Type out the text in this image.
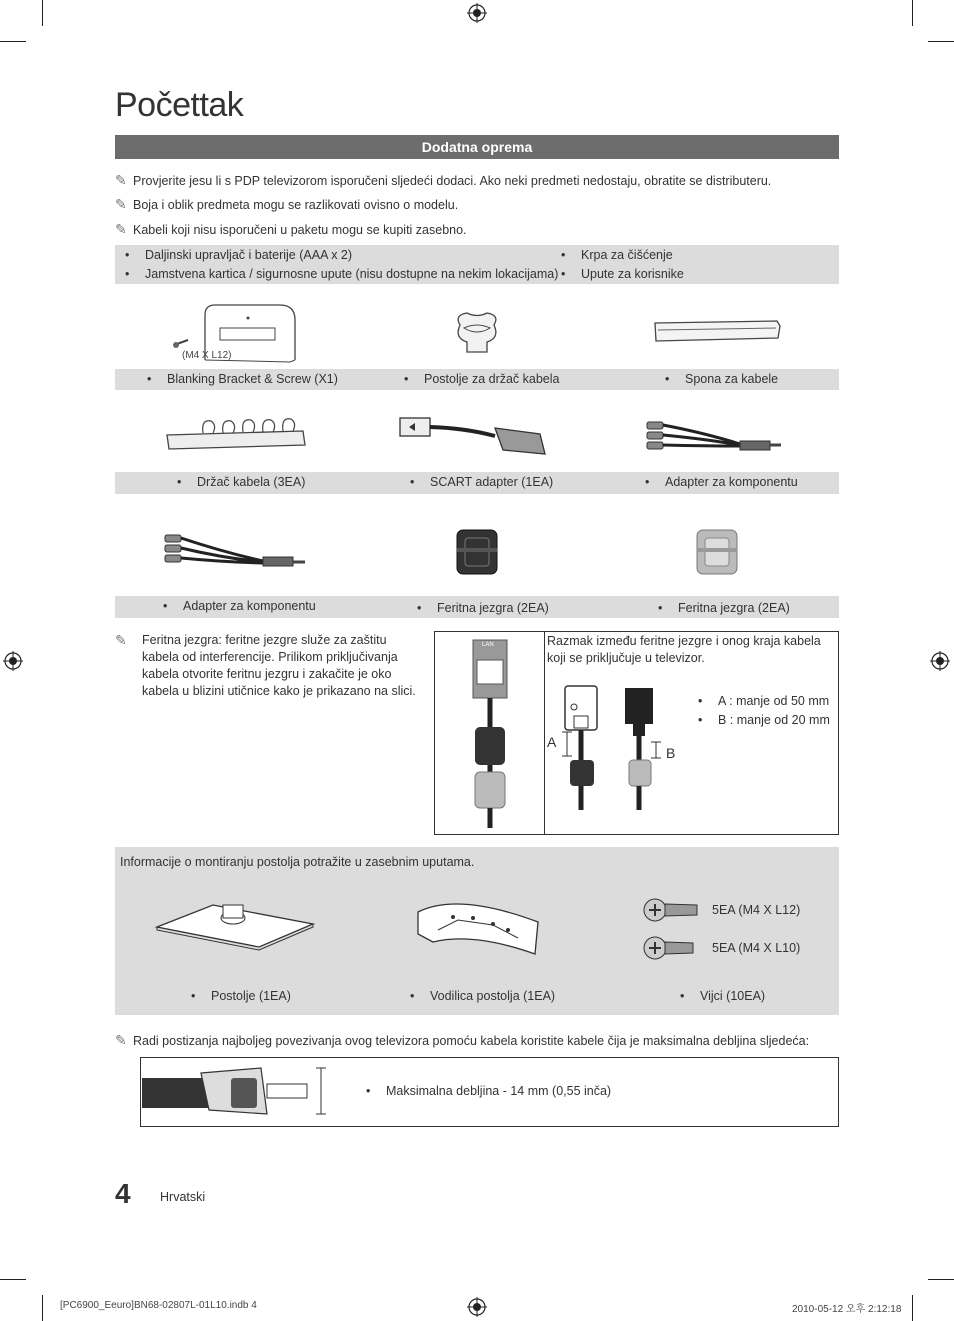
Počettak
Dodatna oprema
✎ Provjerite jesu li s PDP televizorom isporučeni sljedeći dodaci. Ako neki predmeti nedostaju, obratite se distributeru.
✎ Boja i oblik predmeta mogu se razlikovati ovisno o modelu.
✎ Kabeli koji nisu isporučeni u paketu mogu se kupiti zasebno.
• Daljinski upravljač i baterije (AAA x 2)
• Jamstvena kartica / sigurnosne upute (nisu dostupne na nekim lokacijama)
• Krpa za čišćenje
• Upute za korisnike
(M4 X L12)
• Blanking Bracket & Screw (X1)	• Postolje za držač kabela	• Spona za kabele
• Držač kabela (3EA)	• SCART adapter (1EA)	• Adapter za komponentu
• Adapter za komponentu	• Feritna jezgra (2EA)	• Feritna jezgra (2EA)
✎	Feritna jezgra: feritne jezgre služe za zaštitu kabela od interferencije. Prilikom priključivanja kabela otvorite feritnu jezgru i zakačite je oko kabela u blizini utičnice kako je prikazano na slici.
LAN	Razmak između feritne jezgre i onog kraja kabela koji se priključuje u televizor.
A
B
• A : manje od 50 mm
• B : manje od 20 mm
Informacije o montiranju postolja potražite u zasebnim uputama.
5EA (M4 X L12)
5EA (M4 X L10)
• Postolje (1EA)	• Vodilica postolja (1EA)	• Vijci (10EA)
✎ Radi postizanja najboljeg povezivanja ovog televizora pomoću kabela koristite kabele čija je maksimalna debljina sljedeća:
• Maksimalna debljina - 14 mm (0,55 inča)
4 Hrvatski
[PC6900_Eeuro]BN68-02807L-01L10.indb 4	2010-05-12 오후 2:12:18
